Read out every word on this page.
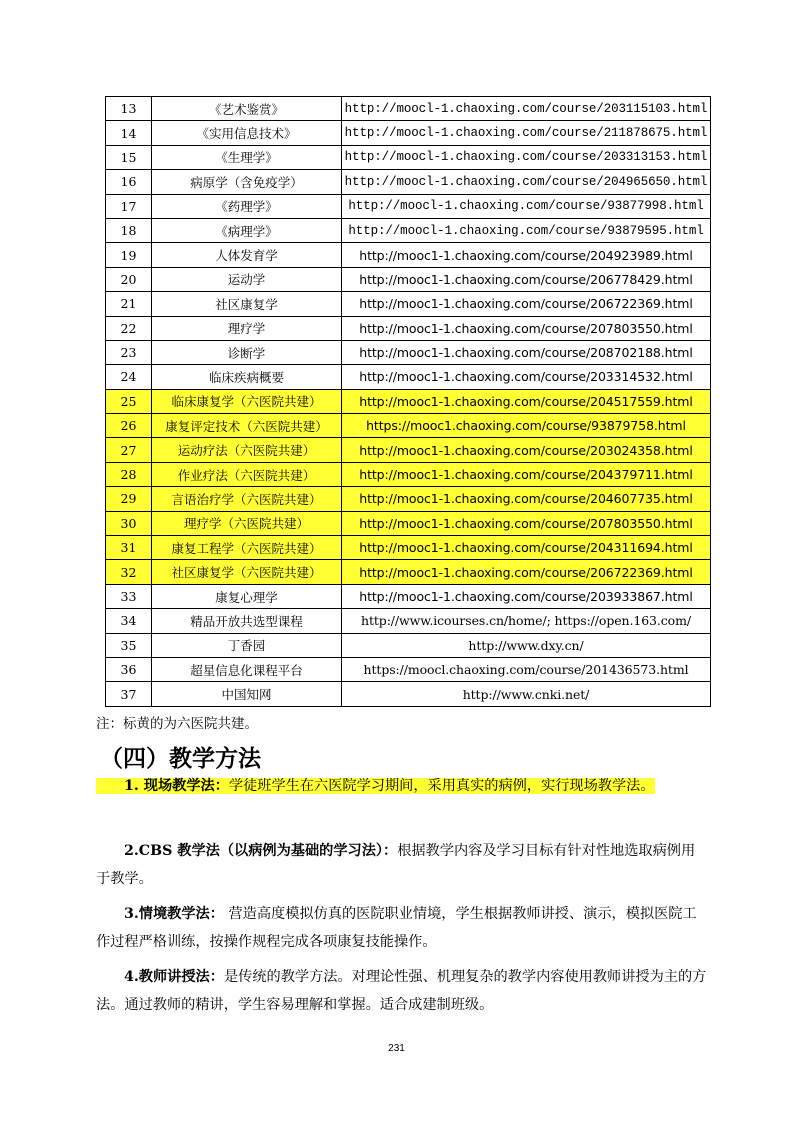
13	《艺术鉴赏》	http://moocl-1.chaoxing.com/course/203115103.html
14	《实用信息技术》	http://moocl-1.chaoxing.com/course/211878675.html
15	《生理学》	http://moocl-1.chaoxing.com/course/203313153.html
16	病原学（含免疫学）	http://moocl-1.chaoxing.com/course/204965650.html
17	《药理学》	http://moocl-1.chaoxing.com/course/93877998.html
18	《病理学》	http://moocl-1.chaoxing.com/course/93879595.html
19	人体发育学	http://mooc1-1.chaoxing.com/course/204923989.html
20	运动学	http://mooc1-1.chaoxing.com/course/206778429.html
21	社区康复学	http://mooc1-1.chaoxing.com/course/206722369.html
22	理疗学	http://mooc1-1.chaoxing.com/course/207803550.html
23	诊断学	http://mooc1-1.chaoxing.com/course/208702188.html
24	临床疾病概要	http://mooc1-1.chaoxing.com/course/203314532.html
25	临床康复学（六医院共建）	http://mooc1-1.chaoxing.com/course/204517559.html
26	康复评定技术（六医院共建）	https://mooc1.chaoxing.com/course/93879758.html
27	运动疗法（六医院共建）	http://mooc1-1.chaoxing.com/course/203024358.html
28	作业疗法（六医院共建）	http://mooc1-1.chaoxing.com/course/204379711.html
29	言语治疗学（六医院共建）	http://mooc1-1.chaoxing.com/course/204607735.html
30	理疗学（六医院共建）	http://mooc1-1.chaoxing.com/course/207803550.html
31	康复工程学（六医院共建）	http://mooc1-1.chaoxing.com/course/204311694.html
32	社区康复学（六医院共建）	http://mooc1-1.chaoxing.com/course/206722369.html
33	康复心理学	http://mooc1-1.chaoxing.com/course/203933867.html
34	精品开放共选型课程	http://www.icourses.cn/home/; https://open.163.com/
35	丁香园	http://www.dxy.cn/
36	超星信息化课程平台	https://moocl.chaoxing.com/course/201436573.html
37	中国知网	http://www.cnki.net/
注：标黄的为六医院共建。
（四）教学方法
1. 现场教学法：学徒班学生在六医院学习期间，采用真实的病例，实行现场教学法。
2.CBS 教学法（以病例为基础的学习法）：根据教学内容及学习目标有针对性地选取病例用于教学。
3.情境教学法： 营造高度模拟仿真的医院职业情境，学生根据教师讲授、演示，模拟医院工作过程严格训练，按操作规程完成各项康复技能操作。
4.教师讲授法：是传统的教学方法。对理论性强、机理复杂的教学内容使用教师讲授为主的方法。通过教师的精讲，学生容易理解和掌握。适合成建制班级。
231
